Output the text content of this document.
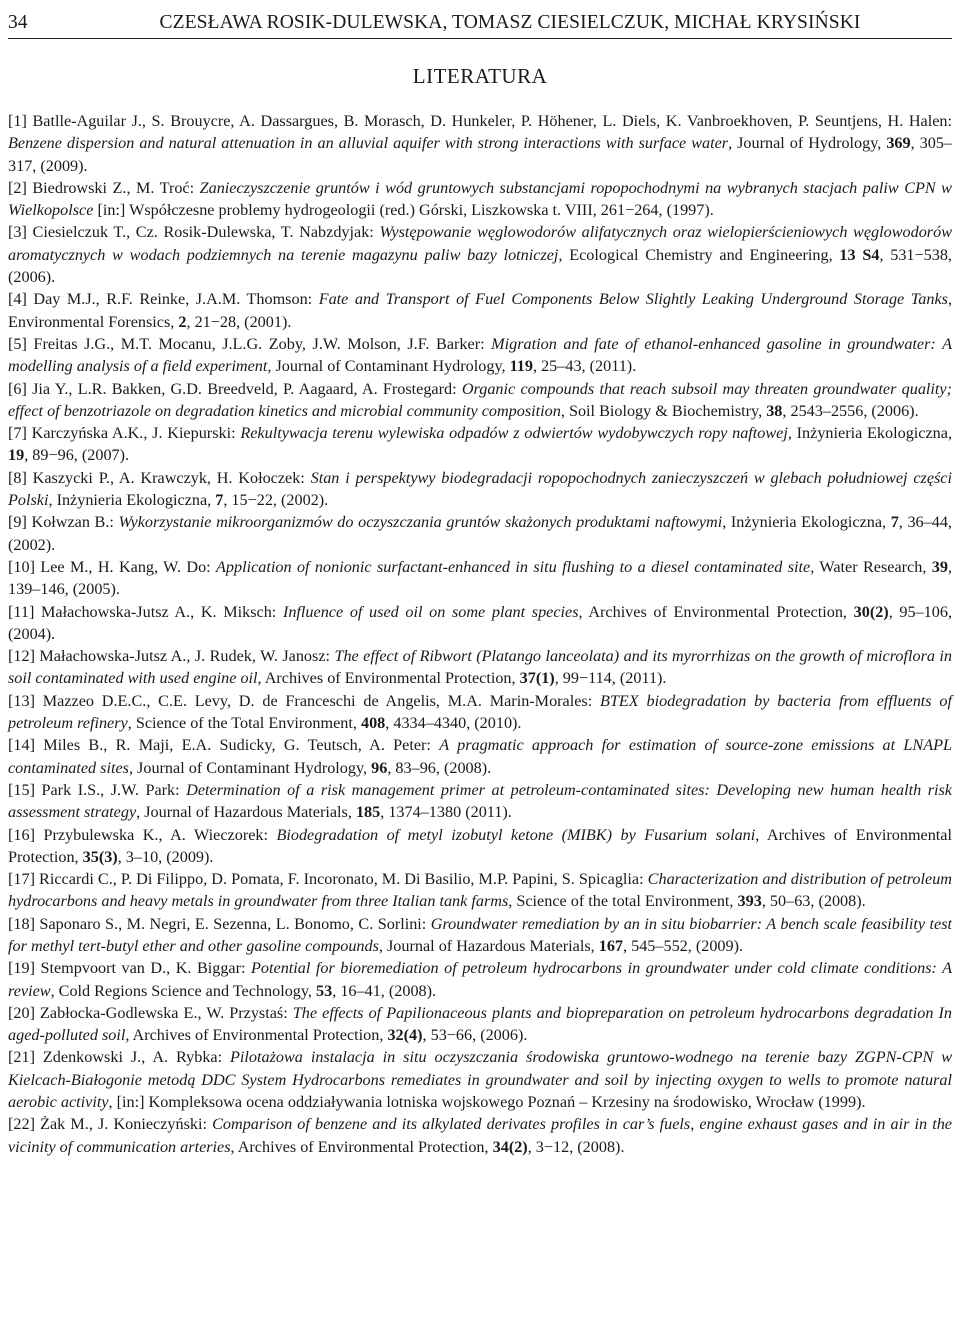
34	CZESŁAWA ROSIK-DULEWSKA, TOMASZ CIESIELCZUK, MICHAŁ KRYSIŃSKI
LITERATURA

[1] Batlle-Aguilar J., S. Brouycre, A. Dassargues, B. Morasch, D. Hunkeler, P. Höhener, L. Diels, K. Vanbroekhoven, P. Seuntjens, H. Halen: Benzene dispersion and natural attenuation in an alluvial aquifer with strong interactions with surface water, Journal of Hydrology, 369, 305–317, (2009).

[2] Biedrowski Z., M. Troć: Zanieczyszczenie gruntów i wód gruntowych substancjami ropopochodnymi na wybranych stacjach paliw CPN w Wielkopolsce [in:] Współczesne problemy hydrogeologii (red.) Górski, Liszkowska t. VIII, 261−264, (1997).

[3] Ciesielczuk T., Cz. Rosik-Dulewska, T. Nabzdyjak: Występowanie węglowodorów alifatycznych oraz wielopierścieniowych węglowodorów aromatycznych w wodach podziemnych na terenie magazynu paliw bazy lotniczej, Ecological Chemistry and Engineering, 13 S4, 531−538, (2006).

[4] Day M.J., R.F. Reinke, J.A.M. Thomson: Fate and Transport of Fuel Components Below Slightly Leaking Underground Storage Tanks, Environmental Forensics, 2, 21−28, (2001).

[5] Freitas J.G., M.T. Mocanu, J.L.G. Zoby, J.W. Molson, J.F. Barker: Migration and fate of ethanol-enhanced gasoline in groundwater: A modelling analysis of a field experiment, Journal of Contaminant Hydrology, 119, 25–43, (2011).

[6] Jia Y., L.R. Bakken, G.D. Breedveld, P. Aagaard, A. Frostegard: Organic compounds that reach subsoil may threaten groundwater quality; effect of benzotriazole on degradation kinetics and microbial community composition, Soil Biology & Biochemistry, 38, 2543–2556, (2006).

[7] Karczyńska A.K., J. Kiepurski: Rekultywacja terenu wylewiska odpadów z odwiertów wydobywczych ropy naftowej, Inżynieria Ekologiczna, 19, 89−96, (2007).

[8] Kaszycki P., A. Krawczyk, H. Kołoczek: Stan i perspektywy biodegradacji ropopochodnych zanieczyszczeń w glebach południowej części Polski, Inżynieria Ekologiczna, 7, 15−22, (2002).

[9] Kołwzan B.: Wykorzystanie mikroorganizmów do oczyszczania gruntów skażonych produktami naftowymi, Inżynieria Ekologiczna, 7, 36–44, (2002).

[10] Lee M., H. Kang, W. Do: Application of nonionic surfactant-enhanced in situ flushing to a diesel contaminated site, Water Research, 39, 139–146, (2005).

[11] Małachowska-Jutsz A., K. Miksch: Influence of used oil on some plant species, Archives of Environmental Protection, 30(2), 95–106, (2004).

[12] Małachowska-Jutsz A., J. Rudek, W. Janosz: The effect of Ribwort (Platango lanceolata) and its myrorrhizas on the growth of microflora in soil contaminated with used engine oil, Archives of Environmental Protection, 37(1), 99−114, (2011).

[13] Mazzeo D.E.C., C.E. Levy, D. de Franceschi de Angelis, M.A. Marin-Morales: BTEX biodegradation by bacteria from effluents of petroleum refinery, Science of the Total Environment, 408, 4334–4340, (2010).

[14] Miles B., R. Maji, E.A. Sudicky, G. Teutsch, A. Peter: A pragmatic approach for estimation of source-zone emissions at LNAPL contaminated sites, Journal of Contaminant Hydrology, 96, 83–96, (2008).

[15] Park I.S., J.W. Park: Determination of a risk management primer at petroleum-contaminated sites: Developing new human health risk assessment strategy, Journal of Hazardous Materials, 185, 1374–1380 (2011).

[16] Przybulewska K., A. Wieczorek: Biodegradation of metyl izobutyl ketone (MIBK) by Fusarium solani, Archives of Environmental Protection, 35(3), 3–10, (2009).

[17] Riccardi C., P. Di Filippo, D. Pomata, F. Incoronato, M. Di Basilio, M.P. Papini, S. Spicaglia: Characterization and distribution of petroleum hydrocarbons and heavy metals in groundwater from three Italian tank farms, Science of the total Environment, 393, 50–63, (2008).

[18] Saponaro S., M. Negri, E. Sezenna, L. Bonomo, C. Sorlini: Groundwater remediation by an in situ biobarrier: A bench scale feasibility test for methyl tert-butyl ether and other gasoline compounds, Journal of Hazardous Materials, 167, 545–552, (2009).

[19] Stempvoort van D., K. Biggar: Potential for bioremediation of petroleum hydrocarbons in groundwater under cold climate conditions: A review, Cold Regions Science and Technology, 53, 16–41, (2008).

[20] Zabłocka-Godlewska E., W. Przystaś: The effects of Papilionaceous plants and biopreparation on petroleum hydrocarbons degradation In aged-polluted soil, Archives of Environmental Protection, 32(4), 53−66, (2006).

[21] Zdenkowski J., A. Rybka: Pilotażowa instalacja in situ oczyszczania środowiska gruntowo-wodnego na terenie bazy ZGPN-CPN w Kielcach-Białogonie metodą DDC System Hydrocarbons remediates in groundwater and soil by injecting oxygen to wells to promote natural aerobic activity, [in:] Kompleksowa ocena oddziaływania lotniska wojskowego Poznań – Krzesiny na środowisko, Wrocław (1999).

[22] Żak M., J. Konieczyński: Comparison of benzene and its alkylated derivates profiles in car’s fuels, engine exhaust gases and in air in the vicinity of communication arteries, Archives of Environmental Protection, 34(2), 3−12, (2008).
